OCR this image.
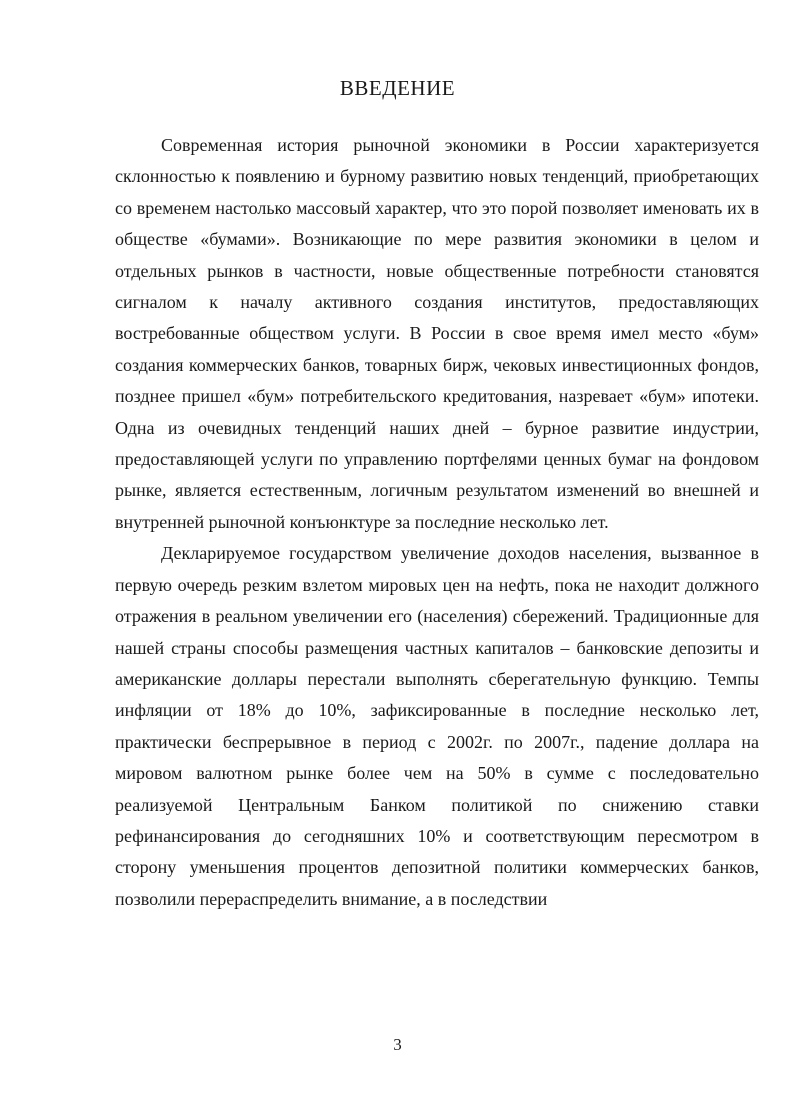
ВВЕДЕНИЕ

Современная история рыночной экономики в России характеризуется склонностью к появлению и бурному развитию новых тенденций, приобретающих со временем настолько массовый характер, что это порой позволяет именовать их в обществе «бумами». Возникающие по мере развития экономики в целом и отдельных рынков в частности, новые общественные потребности становятся сигналом к началу активного создания институтов, предоставляющих востребованные обществом услуги. В России в свое время имел место «бум» создания коммерческих банков, товарных бирж, чековых инвестиционных фондов, позднее пришел «бум» потребительского кредитования, назревает «бум» ипотеки. Одна из очевидных тенденций наших дней – бурное развитие индустрии, предоставляющей услуги по управлению портфелями ценных бумаг на фондовом рынке, является естественным, логичным результатом изменений во внешней и внутренней рыночной конъюнктуре за последние несколько лет.

Декларируемое государством увеличение доходов населения, вызванное в первую очередь резким взлетом мировых цен на нефть, пока не находит должного отражения в реальном увеличении его (населения) сбережений. Традиционные для нашей страны способы размещения частных капиталов – банковские депозиты и американские доллары перестали выполнять сберегательную функцию. Темпы инфляции от 18% до 10%, зафиксированные в последние несколько лет, практически беспрерывное в период с 2002г. по 2007г., падение доллара на мировом валютном рынке более чем на 50% в сумме с последовательно реализуемой Центральным Банком политикой по снижению ставки рефинансирования до сегодняшних 10% и соответствующим пересмотром в сторону уменьшения процентов депозитной политики коммерческих банков, позволили перераспределить внимание, а в последствии

3
